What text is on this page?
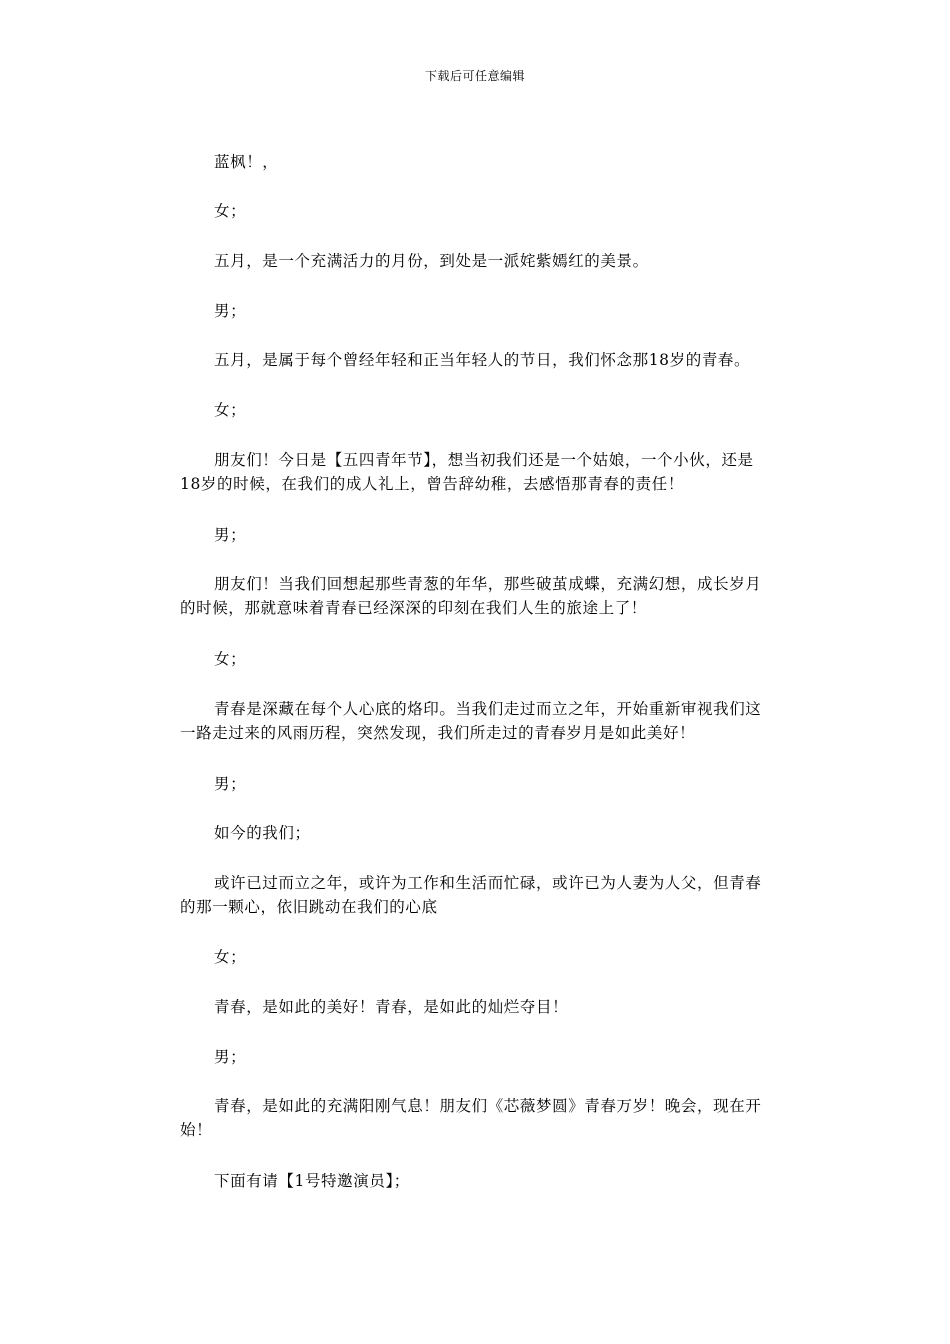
下载后可任意编辑

蓝枫！，

女；

五月，是一个充满活力的月份，到处是一派姹紫嫣红的美景。

男；

五月，是属于每个曾经年轻和正当年轻人的节日，我们怀念那18岁的青春。

女；

朋友们！今日是【五四青年节】，想当初我们还是一个姑娘，一个小伙，还是18岁的时候，在我们的成人礼上，曾告辞幼稚，去感悟那青春的责任！

男；

朋友们！当我们回想起那些青葱的年华，那些破茧成蝶，充满幻想，成长岁月的时候，那就意味着青春已经深深的印刻在我们人生的旅途上了！

女；

青春是深藏在每个人心底的烙印。当我们走过而立之年，开始重新审视我们这一路走过来的风雨历程，突然发现，我们所走过的青春岁月是如此美好！

男；

如今的我们；

或许已过而立之年，或许为工作和生活而忙碌，或许已为人妻为人父，但青春的那一颗心，依旧跳动在我们的心底

女；

青春，是如此的美好！青春，是如此的灿烂夺目！

男；

青春，是如此的充满阳刚气息！朋友们《芯薇梦圆》青春万岁！晚会，现在开始！

下面有请【1号特邀演员】；
